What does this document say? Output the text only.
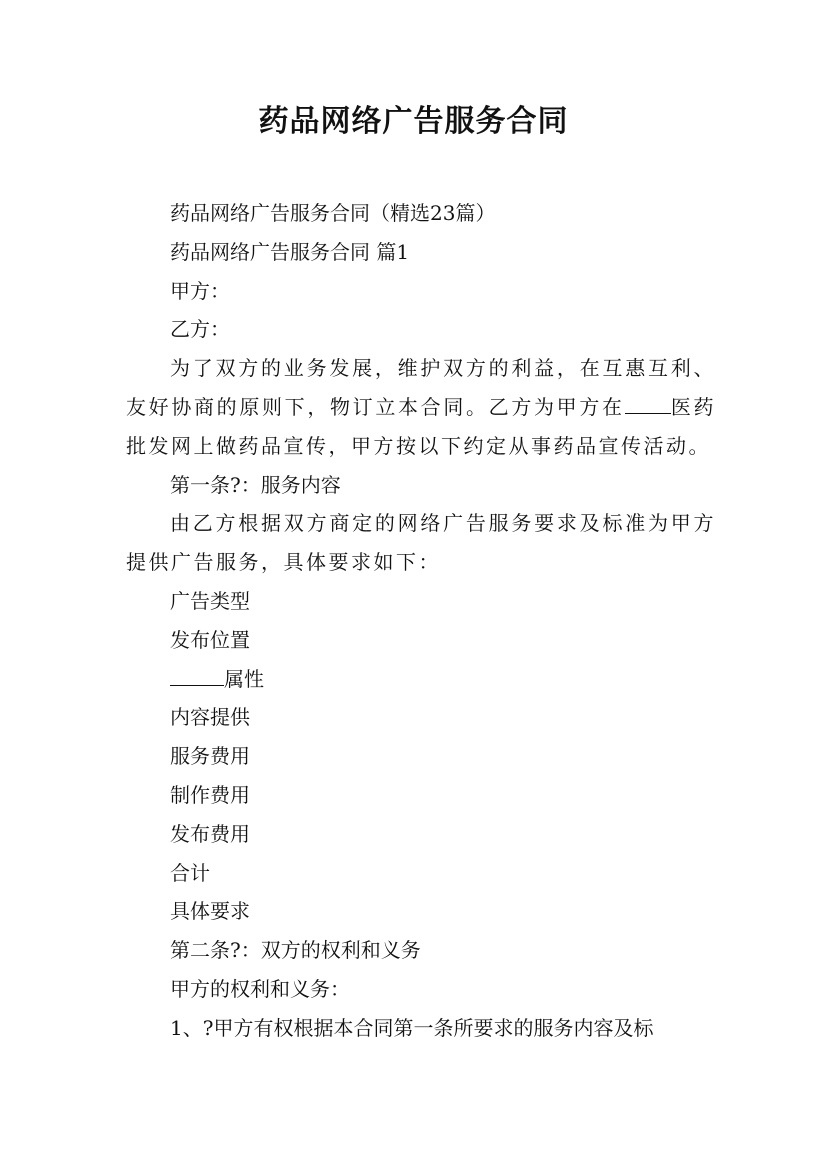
药品网络广告服务合同

药品网络广告服务合同（精选23篇）

药品网络广告服务合同 篇1

甲方：

乙方：

为了双方的业务发展，维护双方的利益，在互惠互利、友好协商的原则下，物订立本合同。乙方为甲方在 医药批发网上做药品宣传，甲方按以下约定从事药品宣传活动。

第一条?：服务内容

由乙方根据双方商定的网络广告服务要求及标准为甲方提供广告服务，具体要求如下：

广告类型

发布位置

属性

内容提供

服务费用

制作费用

发布费用

合计

具体要求

第二条?：双方的权利和义务

甲方的权利和义务：

1、?甲方有权根据本合同第一条所要求的服务内容及标
